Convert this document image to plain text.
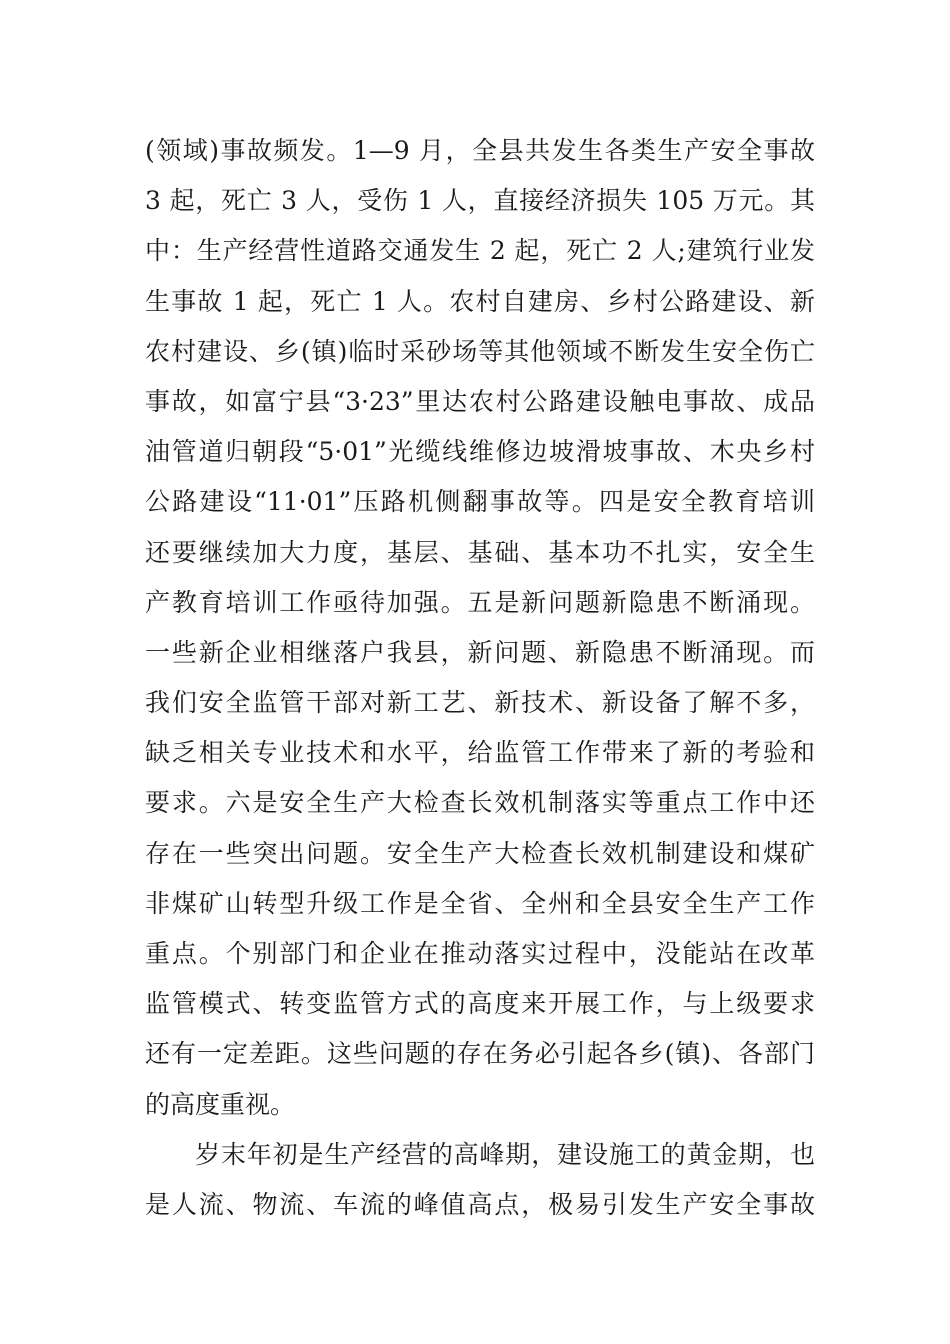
(领域)事故频发。1—9 月，全县共发生各类生产安全事故
3 起，死亡 3 人，受伤 1 人，直接经济损失 105 万元。其
中：生产经营性道路交通发生 2 起，死亡 2 人;建筑行业发
生事故 1 起，死亡 1 人。农村自建房、乡村公路建设、新
农村建设、乡(镇)临时采砂场等其他领域不断发生安全伤亡
事故，如富宁县“3·23”里达农村公路建设触电事故、成品
油管道归朝段“5·01”光缆线维修边坡滑坡事故、木央乡村
公路建设“11·01”压路机侧翻事故等。四是安全教育培训
还要继续加大力度，基层、基础、基本功不扎实，安全生
产教育培训工作亟待加强。五是新问题新隐患不断涌现。
一些新企业相继落户我县，新问题、新隐患不断涌现。而
我们安全监管干部对新工艺、新技术、新设备了解不多，
缺乏相关专业技术和水平，给监管工作带来了新的考验和
要求。六是安全生产大检查长效机制落实等重点工作中还
存在一些突出问题。安全生产大检查长效机制建设和煤矿
非煤矿山转型升级工作是全省、全州和全县安全生产工作
重点。个别部门和企业在推动落实过程中，没能站在改革
监管模式、转变监管方式的高度来开展工作，与上级要求
还有一定差距。这些问题的存在务必引起各乡(镇)、各部门
的高度重视。
岁末年初是生产经营的高峰期，建设施工的黄金期，也
是人流、物流、车流的峰值高点，极易引发生产安全事故
